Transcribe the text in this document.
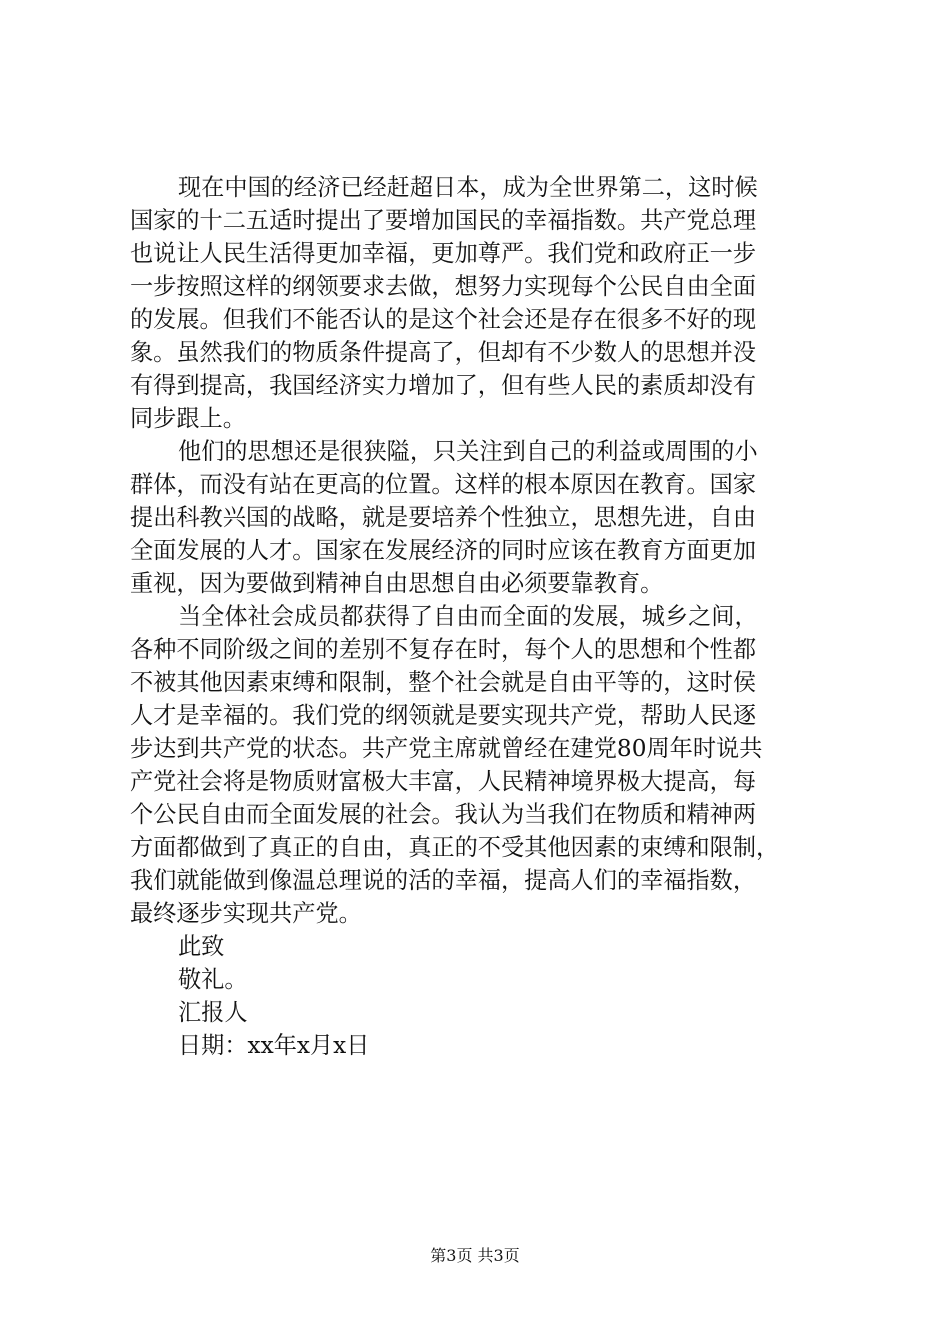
现在中国的经济已经赶超日本，成为全世界第二，这时候
国家的十二五适时提出了要增加国民的幸福指数。共产党总理
也说让人民生活得更加幸福，更加尊严。我们党和政府正一步
一步按照这样的纲领要求去做，想努力实现每个公民自由全面
的发展。但我们不能否认的是这个社会还是存在很多不好的现
象。虽然我们的物质条件提高了，但却有不少数人的思想并没
有得到提高，我国经济实力增加了，但有些人民的素质却没有
同步跟上。
他们的思想还是很狭隘，只关注到自己的利益或周围的小
群体，而没有站在更高的位置。这样的根本原因在教育。国家
提出科教兴国的战略，就是要培养个性独立，思想先进，自由
全面发展的人才。国家在发展经济的同时应该在教育方面更加
重视，因为要做到精神自由思想自由必须要靠教育。
当全体社会成员都获得了自由而全面的发展，城乡之间，
各种不同阶级之间的差别不复存在时，每个人的思想和个性都
不被其他因素束缚和限制，整个社会就是自由平等的，这时侯
人才是幸福的。我们党的纲领就是要实现共产党，帮助人民逐
步达到共产党的状态。共产党主席就曾经在建党80周年时说共
产党社会将是物质财富极大丰富，人民精神境界极大提高，每
个公民自由而全面发展的社会。我认为当我们在物质和精神两
方面都做到了真正的自由，真正的不受其他因素的束缚和限制，
我们就能做到像温总理说的活的幸福，提高人们的幸福指数，
最终逐步实现共产党。
此致
敬礼。
汇报人
日期：xx年x月x日
第3页 共3页
